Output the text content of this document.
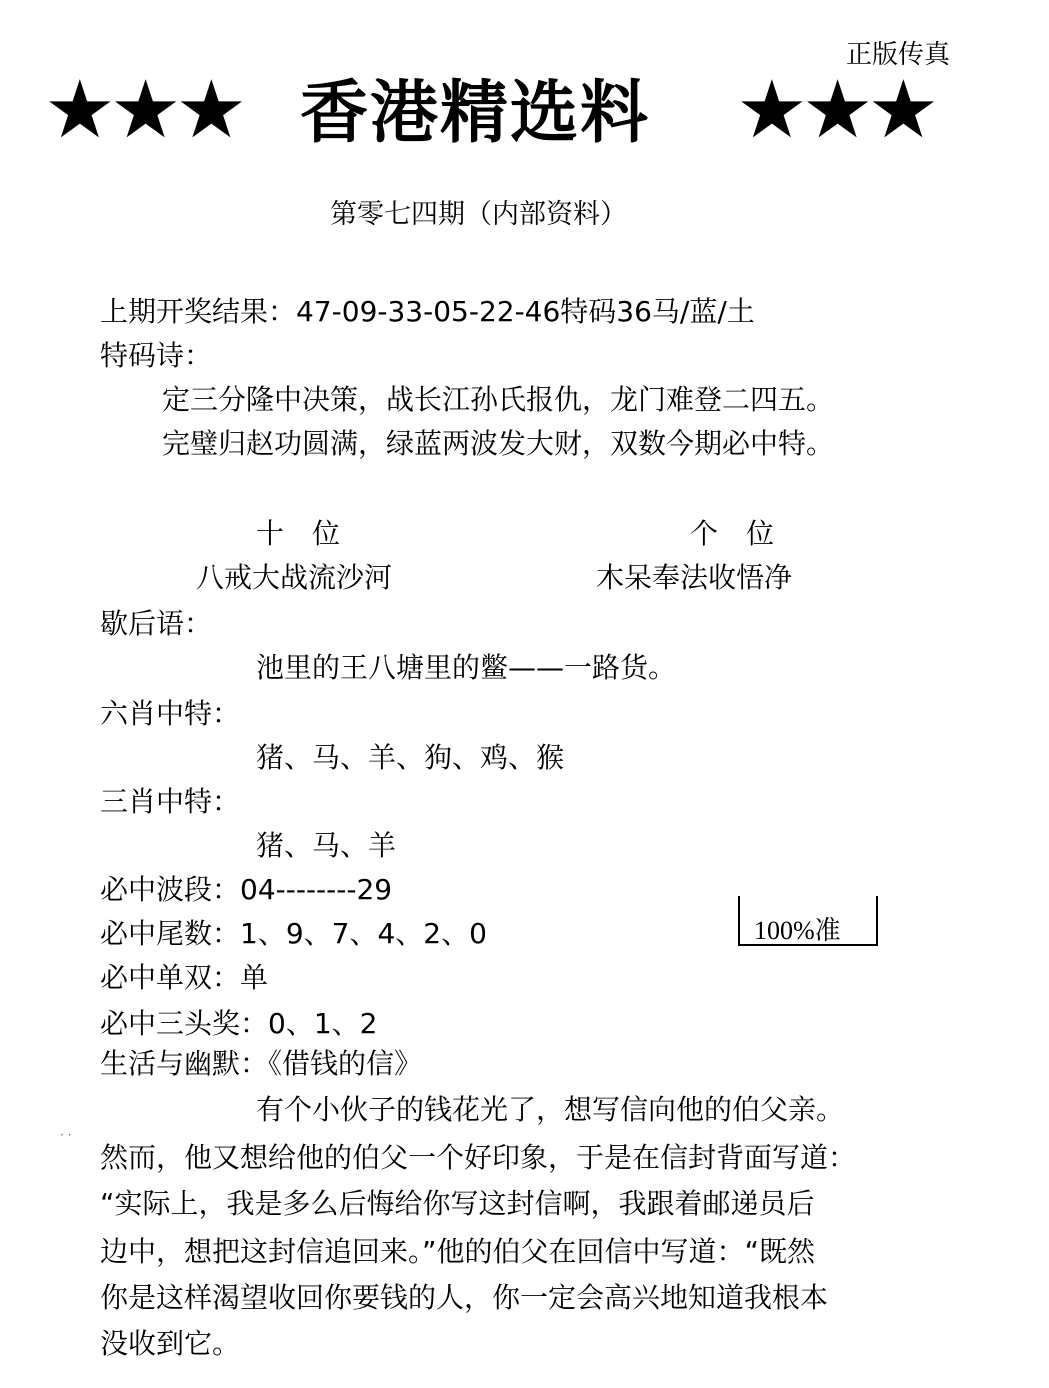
正版传真
★★★ 香港精选料 ★★★
第零七四期（内部资料）
上期开奖结果：47-09-33-05-22-46特码36马/蓝/土
特码诗：
定三分隆中决策，战长江孙氏报仇，龙门难登二四五。
完璧归赵功圆满，绿蓝两波发大财，双数今期必中特。
十　位	个　位
八戒大战流沙河	木呆奉法收悟净
歇后语：
池里的王八塘里的鳖——一路货。
六肖中特：
猪、马、羊、狗、鸡、猴
三肖中特：
猪、马、羊
必中波段：04--------29
必中尾数：1、9、7、4、2、0	100%准
必中单双：单
必中三头奖：0、1、2
生活与幽默：《借钱的信》
· ·
有个小伙子的钱花光了，想写信向他的伯父亲。
然而，他又想给他的伯父一个好印象，于是在信封背面写道：
“实际上，我是多么后悔给你写这封信啊，我跟着邮递员后
边中，想把这封信追回来。”他的伯父在回信中写道：“既然
你是这样渴望收回你要钱的人，你一定会高兴地知道我根本
没收到它。
